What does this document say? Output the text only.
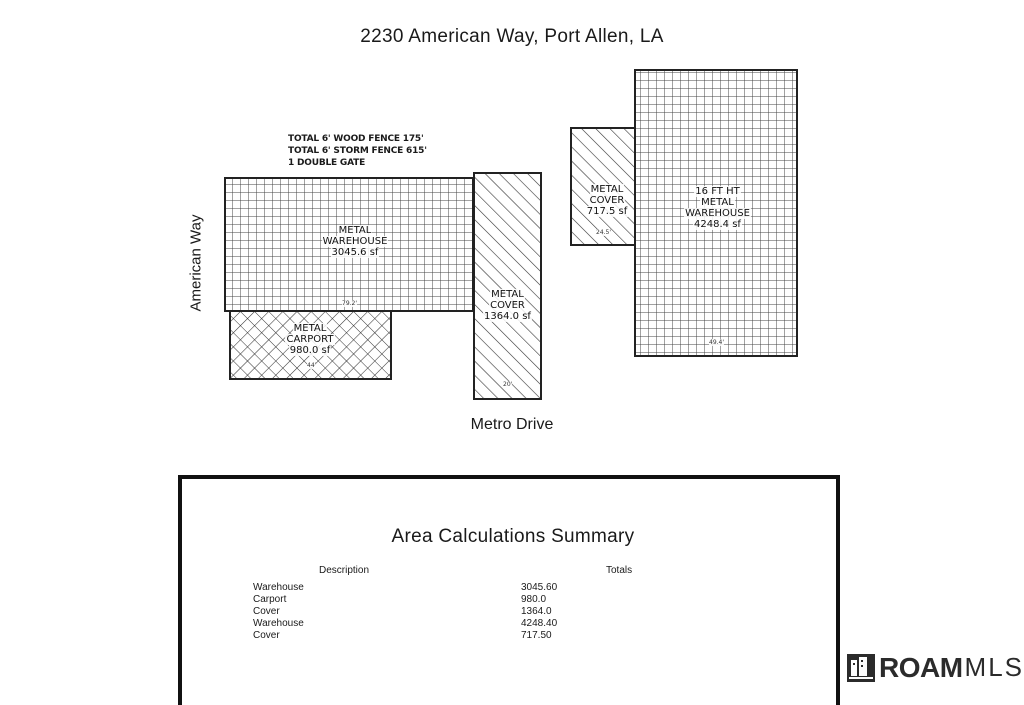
2230 American Way, Port Allen, LA
TOTAL 6' WOOD FENCE 175'
TOTAL 6' STORM FENCE 615'
1 DOUBLE GATE
American Way
Metro Drive
METAL
WAREHOUSE
3045.6 sf
METAL
CARPORT
980.0 sf
METAL
COVER
1364.0 sf
METAL
COVER
717.5 sf
16 FT HT
METAL
WAREHOUSE
4248.4 sf
79.2'
44'
20'
24.5'
49.4'
Area Calculations Summary
Description	Totals
Warehouse
Carport
Cover
Warehouse
Cover
3045.60
980.0
1364.0
4248.40
717.50
ROAM MLS
